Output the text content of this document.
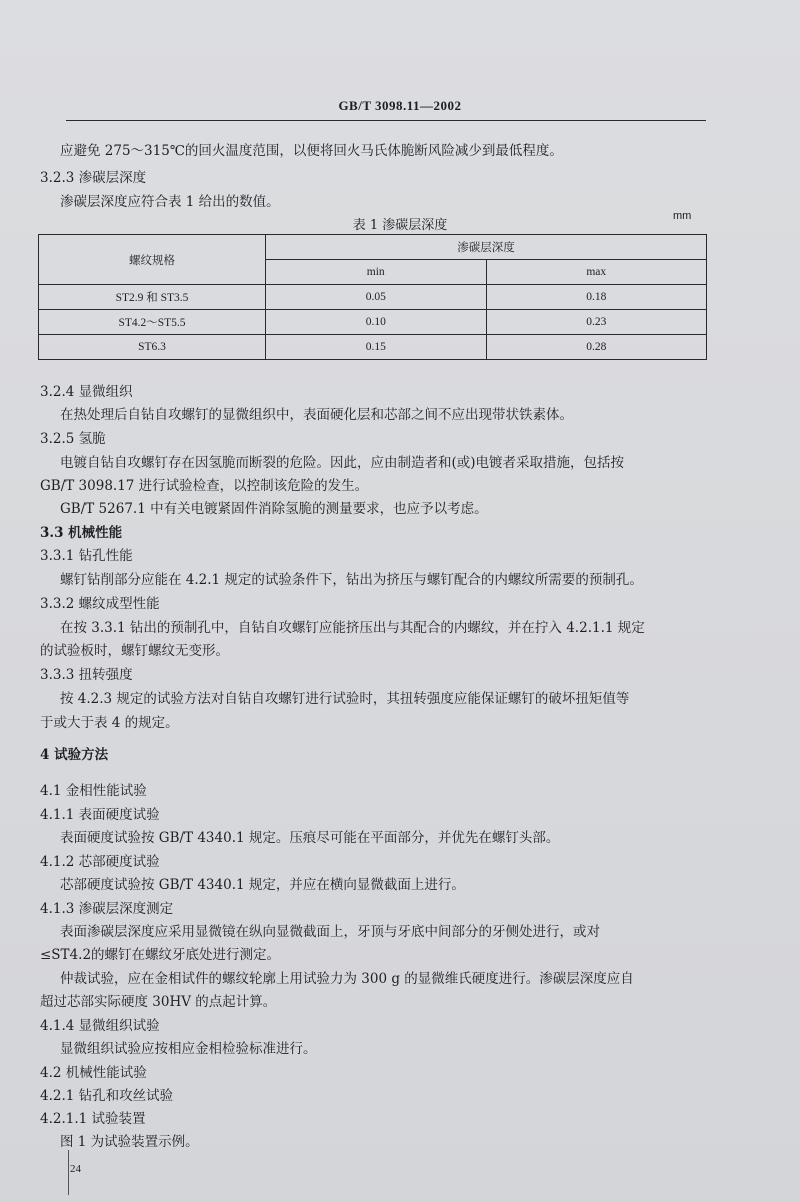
GB/T 3098.11—2002
应避免 275～315℃的回火温度范围，以便将回火马氏体脆断风险减少到最低程度。
3.2.3 渗碳层深度
渗碳层深度应符合表 1 给出的数值。
表 1 渗碳层深度
mm
螺纹规格	渗碳层深度	
	min	max
ST2.9 和 ST3.5	0.05	0.18
ST4.2～ST5.5	0.10	0.23
ST6.3	0.15	0.28
3.2.4 显微组织
在热处理后自钻自攻螺钉的显微组织中，表面硬化层和芯部之间不应出现带状铁素体。
3.2.5 氢脆
电镀自钻自攻螺钉存在因氢脆而断裂的危险。因此，应由制造者和(或)电镀者采取措施，包括按
GB/T 3098.17 进行试验检查，以控制该危险的发生。
GB/T 5267.1 中有关电镀紧固件消除氢脆的测量要求，也应予以考虑。
3.3 机械性能
3.3.1 钻孔性能
螺钉钻削部分应能在 4.2.1 规定的试验条件下，钻出为挤压与螺钉配合的内螺纹所需要的预制孔。
3.3.2 螺纹成型性能
在按 3.3.1 钻出的预制孔中，自钻自攻螺钉应能挤压出与其配合的内螺纹，并在拧入 4.2.1.1 规定
的试验板时，螺钉螺纹无变形。
3.3.3 扭转强度
按 4.2.3 规定的试验方法对自钻自攻螺钉进行试验时，其扭转强度应能保证螺钉的破坏扭矩值等
于或大于表 4 的规定。
4 试验方法
4.1 金相性能试验
4.1.1 表面硬度试验
表面硬度试验按 GB/T 4340.1 规定。压痕尽可能在平面部分，并优先在螺钉头部。
4.1.2 芯部硬度试验
芯部硬度试验按 GB/T 4340.1 规定，并应在横向显微截面上进行。
4.1.3 渗碳层深度测定
表面渗碳层深度应采用显微镜在纵向显微截面上，牙顶与牙底中间部分的牙侧处进行，或对
≤ST4.2的螺钉在螺纹牙底处进行测定。
仲裁试验，应在金相试件的螺纹轮廓上用试验力为 300 g 的显微维氏硬度进行。渗碳层深度应自
超过芯部实际硬度 30HV 的点起计算。
4.1.4 显微组织试验
显微组织试验应按相应金相检验标准进行。
4.2 机械性能试验
4.2.1 钻孔和攻丝试验
4.2.1.1 试验装置
图 1 为试验装置示例。
24
